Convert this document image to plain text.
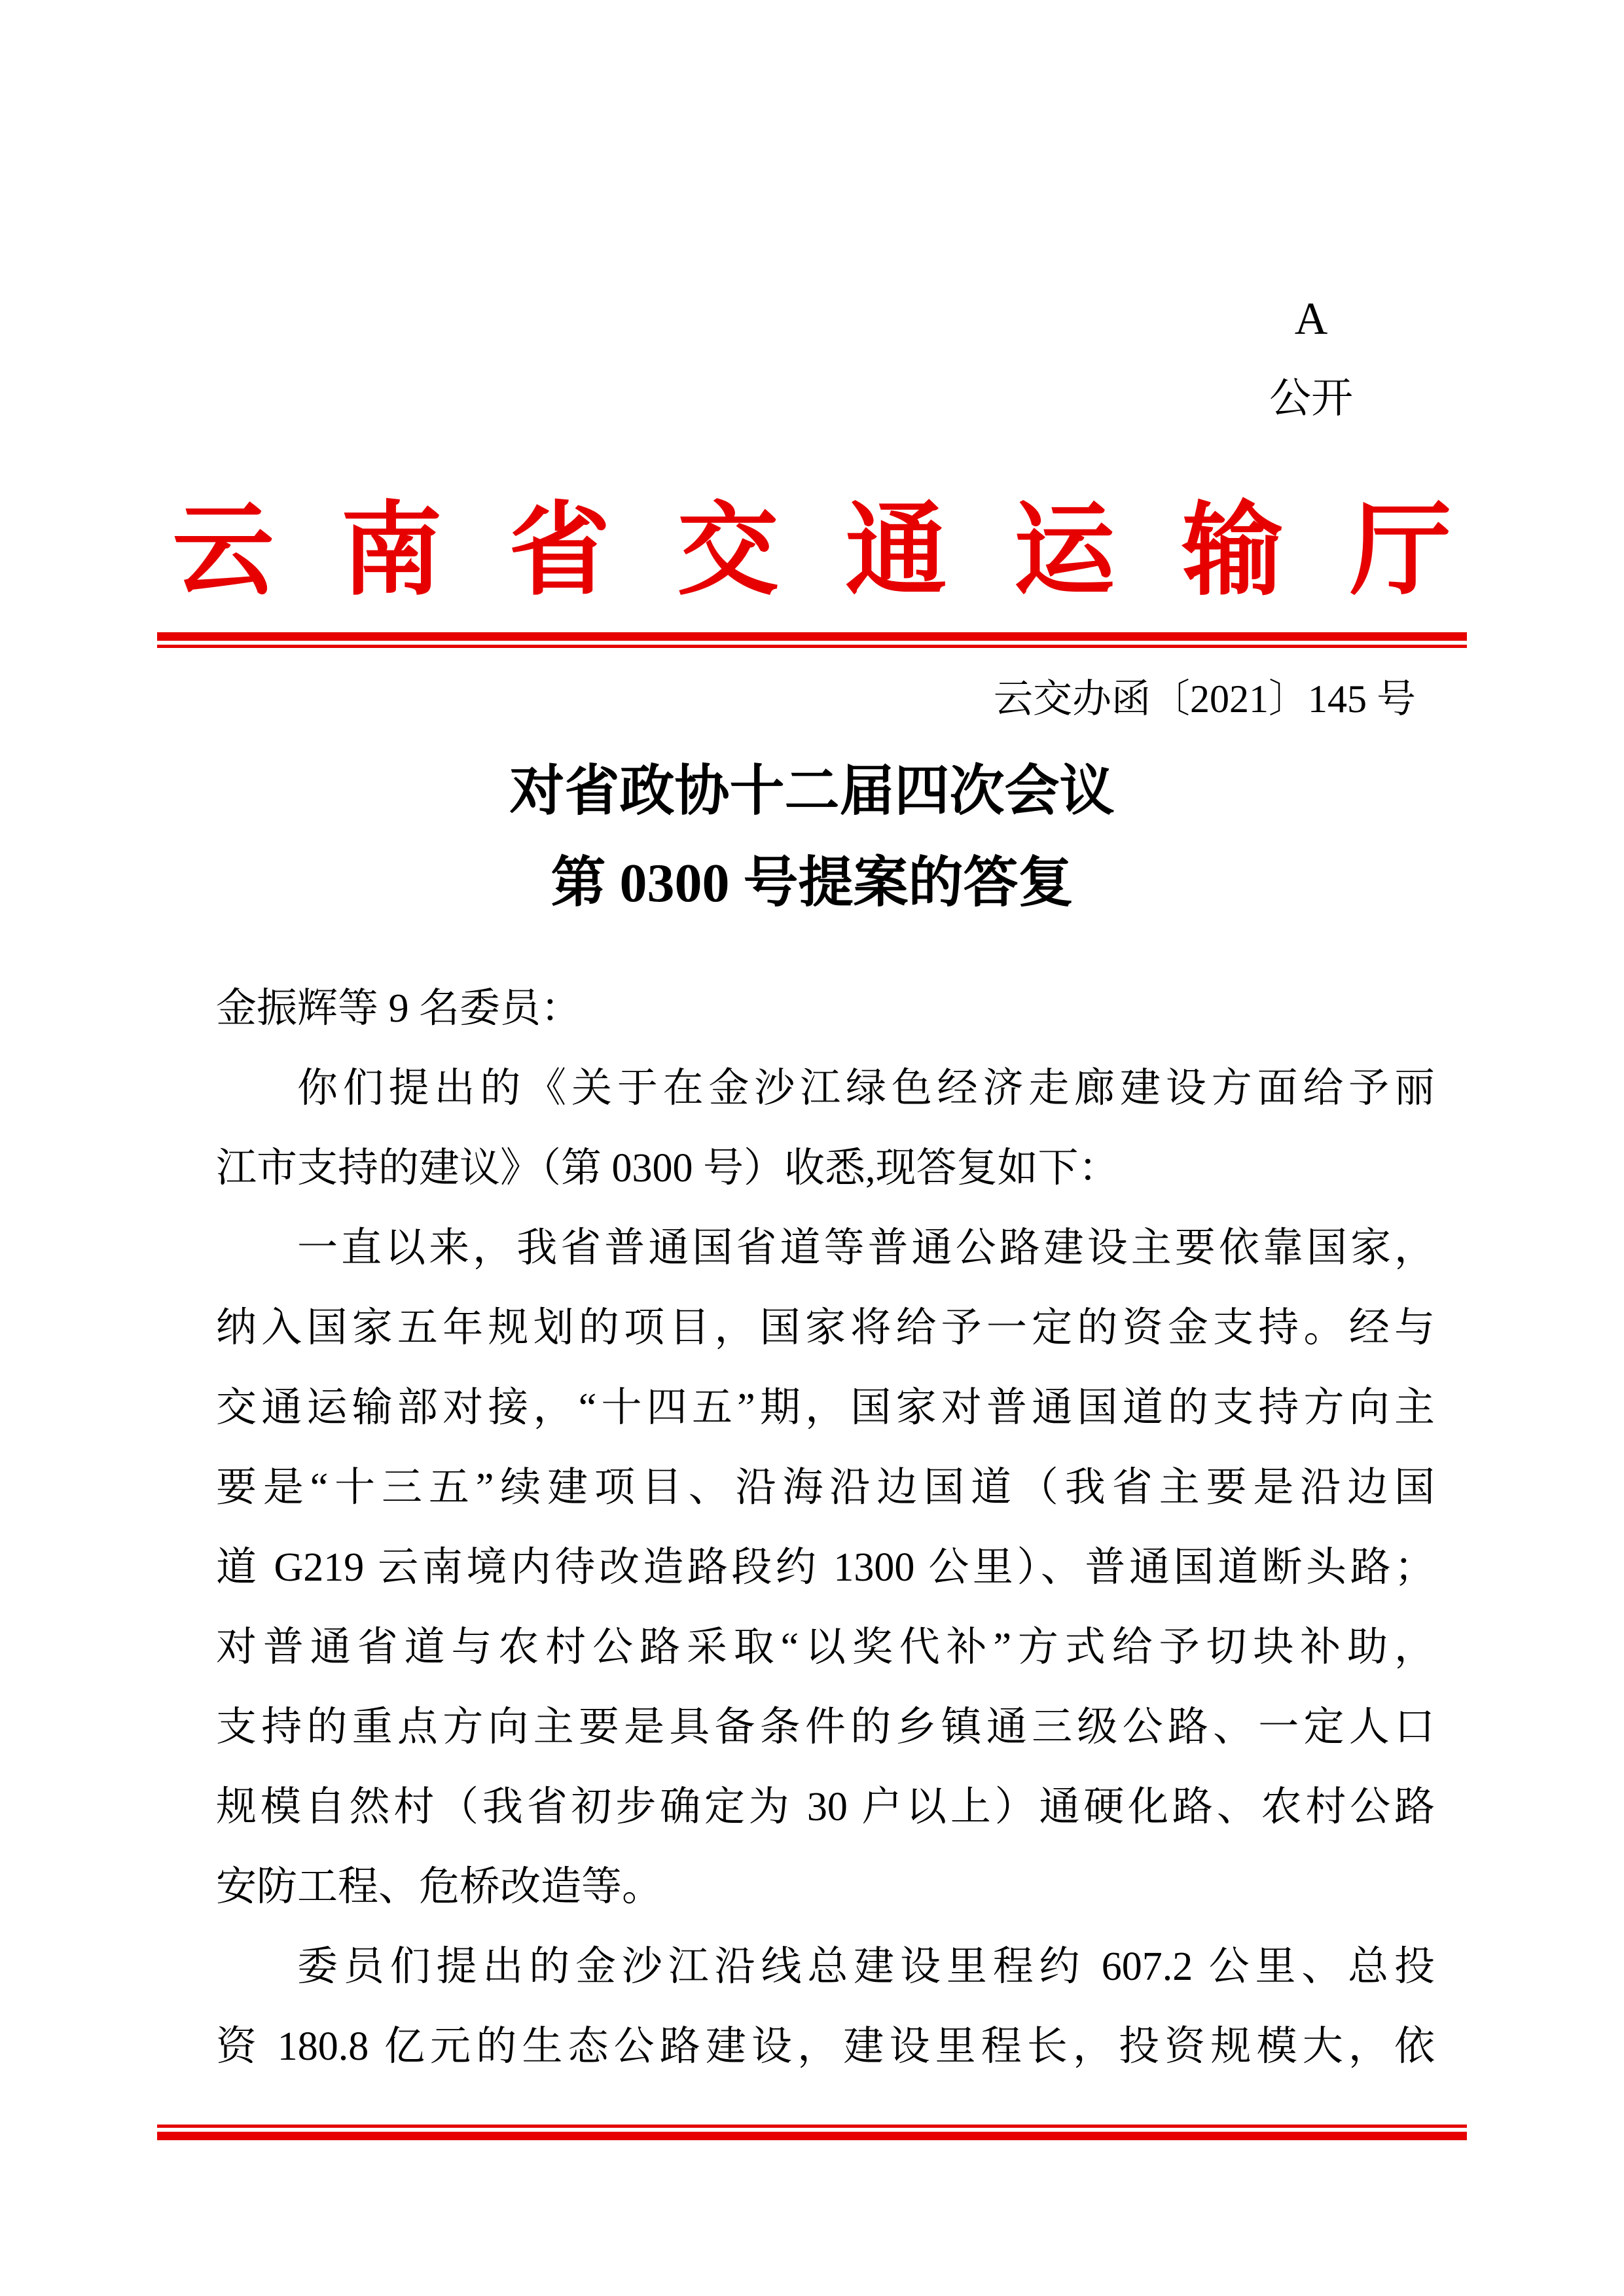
A
公开
云南省交通运输厅
云交办函〔2021〕145 号
对省政协十二届四次会议
第 0300 号提案的答复
金振辉等 9 名委员：
你们提出的《关于在金沙江绿色经济走廊建设方面给予丽
江市支持的建议》（第 0300 号）收悉,现答复如下：
一直以来，我省普通国省道等普通公路建设主要依靠国家，
纳入国家五年规划的项目，国家将给予一定的资金支持。经与
交通运输部对接，“十四五”期，国家对普通国道的支持方向主
要是“十三五”续建项目、沿海沿边国道（我省主要是沿边国
道 G219 云南境内待改造路段约 1300 公里）、普通国道断头路；
对普通省道与农村公路采取“以奖代补”方式给予切块补助，
支持的重点方向主要是具备条件的乡镇通三级公路、一定人口
规模自然村（我省初步确定为 30 户以上）通硬化路、农村公路
安防工程、危桥改造等。
委员们提出的金沙江沿线总建设里程约 607.2 公里、总投
资 180.8 亿元的生态公路建设，建设里程长，投资规模大，依
